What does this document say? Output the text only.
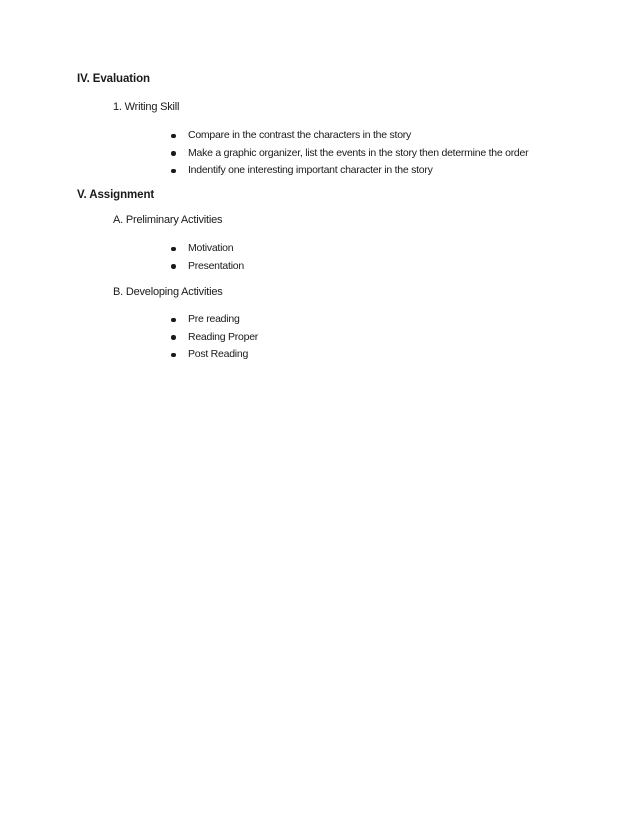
IV. Evaluation
1. Writing Skill
Compare in the contrast the characters in the story
Make a graphic organizer, list the events in the story then determine the order
Indentify one interesting important character in the story
V. Assignment
A. Preliminary Activities
Motivation
Presentation
B. Developing Activities
Pre reading
Reading Proper
Post Reading
